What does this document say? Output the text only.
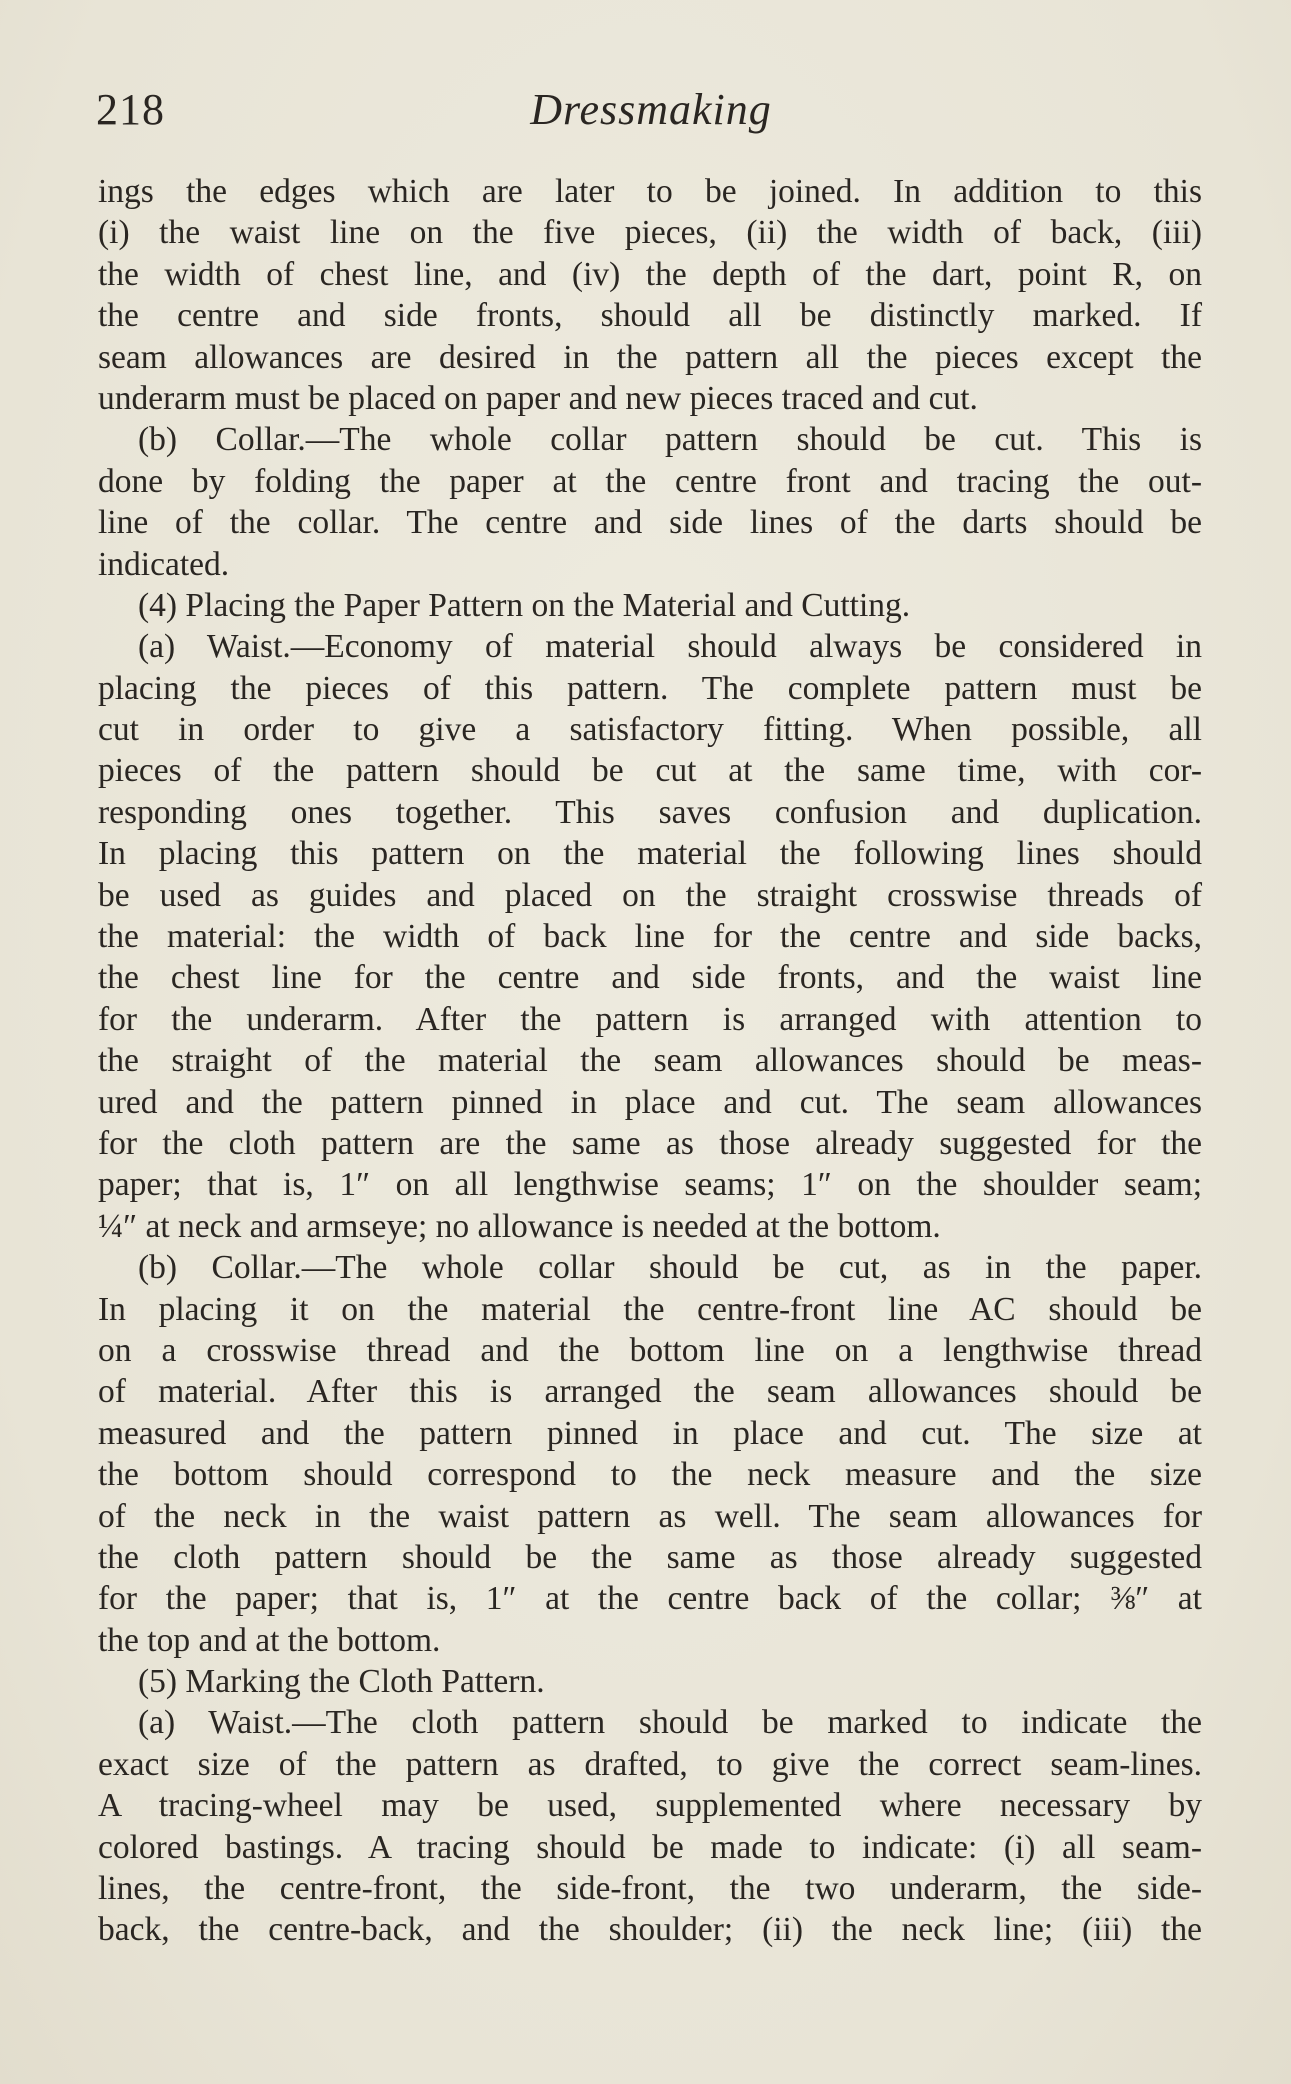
218	Dressmaking
ings the edges which are later to be joined. In addition to this
(i) the waist line on the five pieces, (ii) the width of back, (iii)
the width of chest line, and (iv) the depth of the dart, point R, on
the centre and side fronts, should all be distinctly marked. If
seam allowances are desired in the pattern all the pieces except the
underarm must be placed on paper and new pieces traced and cut.
(b) Collar.—The whole collar pattern should be cut. This is
done by folding the paper at the centre front and tracing the out-
line of the collar. The centre and side lines of the darts should be
indicated.
(4) Placing the Paper Pattern on the Material and Cutting.
(a) Waist.—Economy of material should always be considered in
placing the pieces of this pattern. The complete pattern must be
cut in order to give a satisfactory fitting. When possible, all
pieces of the pattern should be cut at the same time, with cor-
responding ones together. This saves confusion and duplication.
In placing this pattern on the material the following lines should
be used as guides and placed on the straight crosswise threads of
the material: the width of back line for the centre and side backs,
the chest line for the centre and side fronts, and the waist line
for the underarm. After the pattern is arranged with attention to
the straight of the material the seam allowances should be meas-
ured and the pattern pinned in place and cut. The seam allowances
for the cloth pattern are the same as those already suggested for the
paper; that is, 1″ on all lengthwise seams; 1″ on the shoulder seam;
¼″ at neck and armseye; no allowance is needed at the bottom.
(b) Collar.—The whole collar should be cut, as in the paper.
In placing it on the material the centre-front line AC should be
on a crosswise thread and the bottom line on a lengthwise thread
of material. After this is arranged the seam allowances should be
measured and the pattern pinned in place and cut. The size at
the bottom should correspond to the neck measure and the size
of the neck in the waist pattern as well. The seam allowances for
the cloth pattern should be the same as those already suggested
for the paper; that is, 1″ at the centre back of the collar; ⅜″ at
the top and at the bottom.
(5) Marking the Cloth Pattern.
(a) Waist.—The cloth pattern should be marked to indicate the
exact size of the pattern as drafted, to give the correct seam-lines.
A tracing-wheel may be used, supplemented where necessary by
colored bastings. A tracing should be made to indicate: (i) all seam-
lines, the centre-front, the side-front, the two underarm, the side-
back, the centre-back, and the shoulder; (ii) the neck line; (iii) the
